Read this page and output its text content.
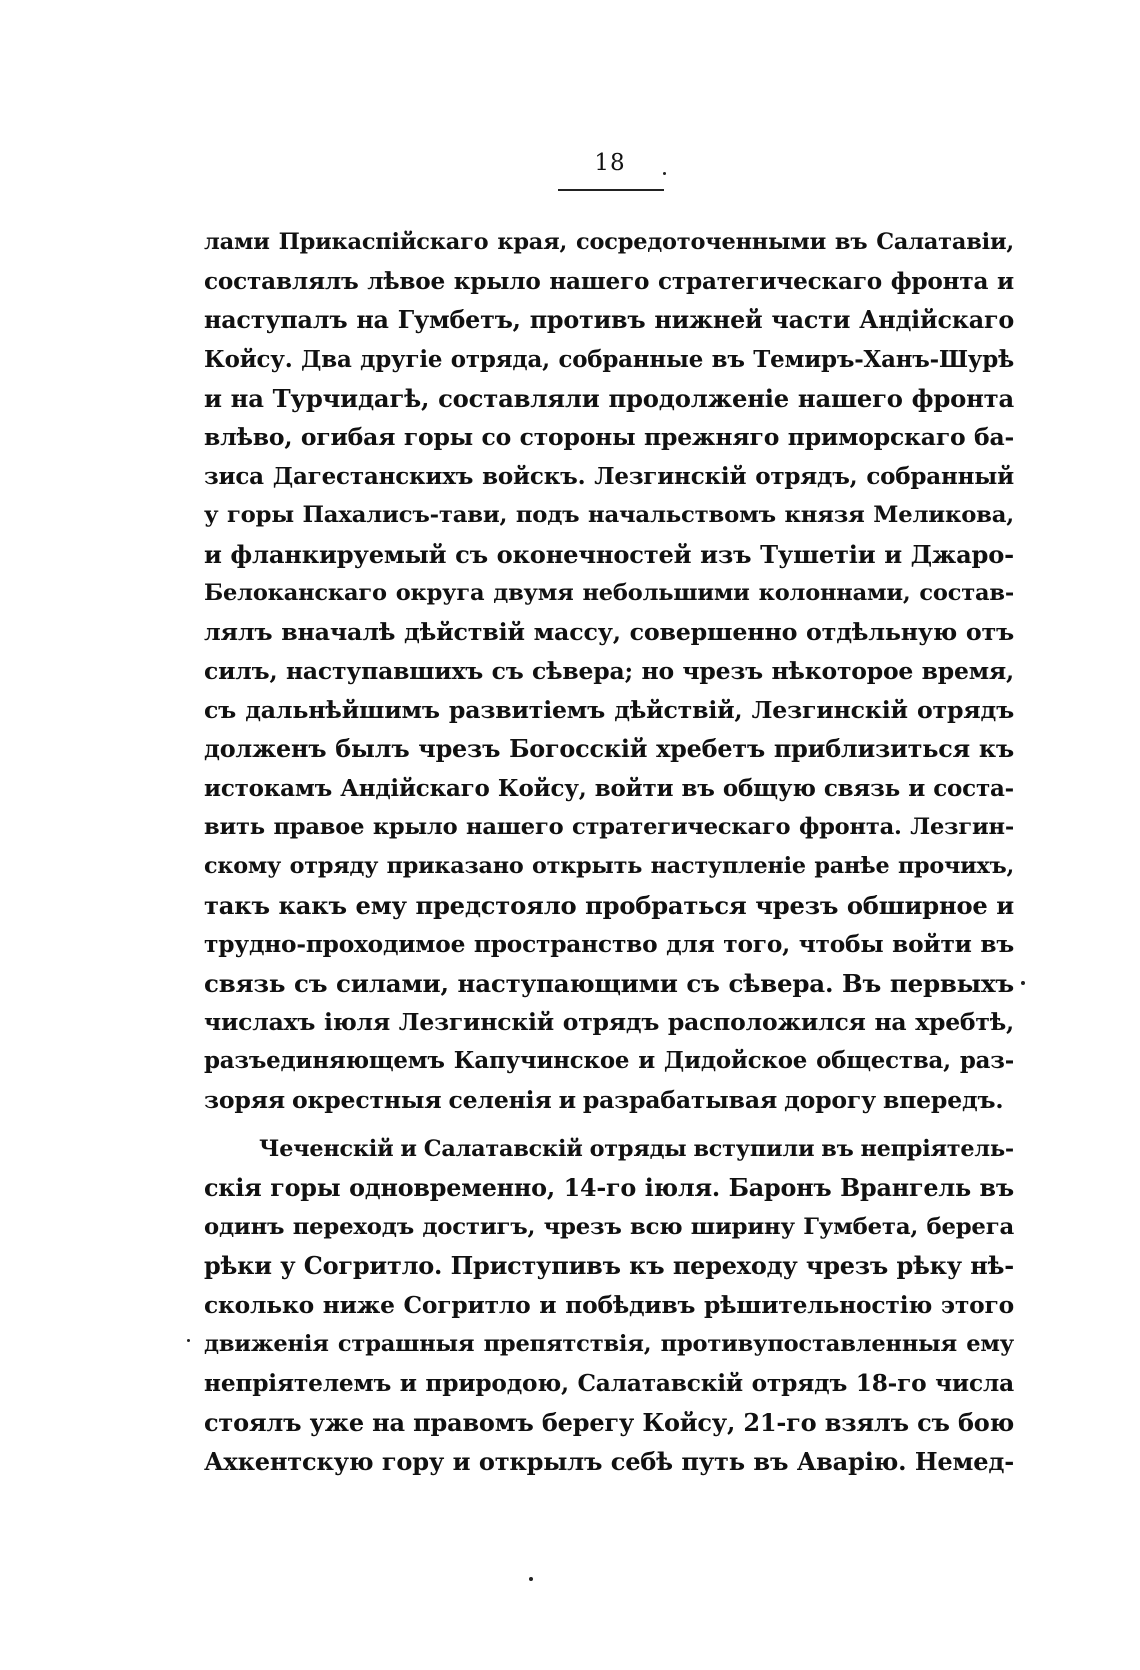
18
лами Прикаспійскаго края, сосредоточенными въ Салатавіи,
составлялъ лѣвое крыло нашего стратегическаго фронта и
наступалъ на Гумбетъ, противъ нижней части Андійскаго
Койсу. Два другіе отряда, собранные въ Темиръ-Ханъ-Шурѣ
и на Турчидагѣ, составляли продолженіе нашего фронта
влѣво, огибая горы со стороны прежняго приморскаго ба-
зиса Дагестанскихъ войскъ. Лезгинскій отрядъ, собранный
у горы Пахалисъ-тави, подъ начальствомъ князя Меликова,
и фланкируемый съ оконечностей изъ Тушетіи и Джаро-
Белоканскаго округа двумя небольшими колоннами, состав-
лялъ вначалѣ дѣйствій массу, совершенно отдѣльную отъ
силъ, наступавшихъ съ сѣвера; но чрезъ нѣкоторое время,
съ дальнѣйшимъ развитіемъ дѣйствій, Лезгинскій отрядъ
долженъ былъ чрезъ Богосскій хребетъ приблизиться къ
истокамъ Андійскаго Койсу, войти въ общую связь и соста-
вить правое крыло нашего стратегическаго фронта. Лезгин-
скому отряду приказано открыть наступленіе ранѣе прочихъ,
такъ какъ ему предстояло пробраться чрезъ обширное и
трудно-проходимое пространство для того, чтобы войти въ
связь съ силами, наступающими съ сѣвера. Въ первыхъ
числахъ іюля Лезгинскій отрядъ расположился на хребтѣ,
разъединяющемъ Капучинское и Дидойское общества, раз-
зоряя окрестныя селенія и разрабатывая дорогу впередъ.
Чеченскій и Салатавскій отряды вступили въ непріятель-
скія горы одновременно, 14-го іюля. Баронъ Врангель въ
одинъ переходъ достигъ, чрезъ всю ширину Гумбета, берега
рѣки у Согритло. Приступивъ къ переходу чрезъ рѣку нѣ-
сколько ниже Согритло и побѣдивъ рѣшительностію этого
движенія страшныя препятствія, противупоставленныя ему
непріятелемъ и природою, Салатавскій отрядъ 18-го числа
стоялъ уже на правомъ берегу Койсу, 21-го взялъ съ бою
Ахкентскую гору и открылъ себѣ путь въ Аварію. Немед-
